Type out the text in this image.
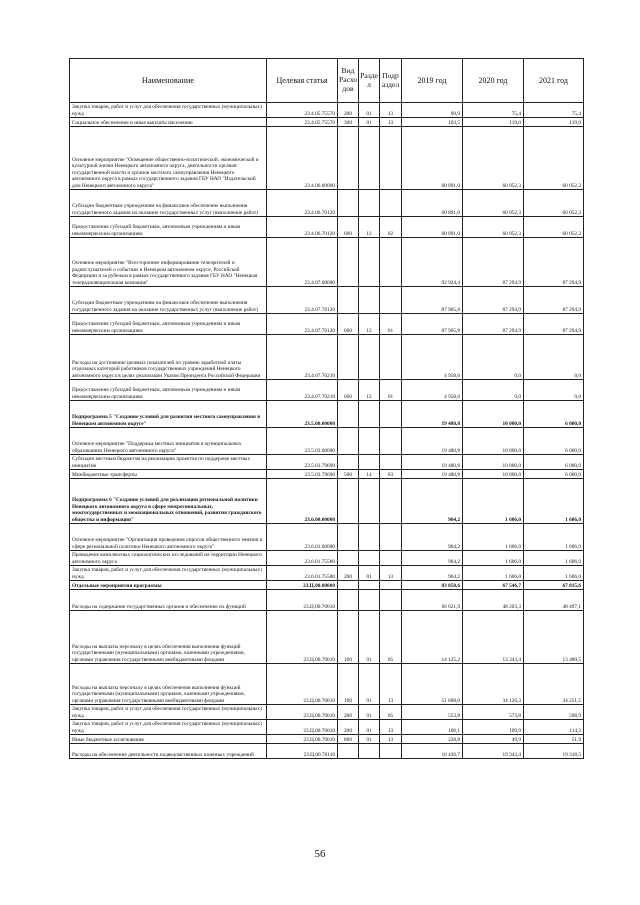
Наименование	Целевая статья	Вид Расхо дов	Разде л	Подр аздел	2019 год	2020 год	2021 год
Закупка товаров, работ и услуг для обеспечения государственных (муниципальных) нужд	23.4.05.75570	200	01	13	90,9	75,4	75,4
Социальное обеспечение и иные выплаты населению	23.4.05.75570	300	01	13	103,5	119,0	119,0
Основное мероприятие "Освещение общественно-политической, экономической и культурной жизни Ненецкого автономного округа, деятельности органов государственной власти и органов местного самоуправления Ненецкого автономного округа в рамках государственного задания ГБУ НАО "Издательский дом Ненецкого автономного округа"	23.4.06.00000				60 891,0	60 052,3	60 052,3
Субсидии бюджетным учреждениям на финансовое обеспечение выполнения государственного задания на оказание государственных услуг (выполнение работ)	23.4.06.70120				60 891,0	60 052,3	60 052,3
Предоставление субсидий бюджетным, автономным учреждениям и иным некоммерческим организациям	23.4.06.70120	600	12	02	60 891,0	60 052,3	60 052,3
Основное мероприятие "Всестороннее информирование телезрителей и радиослушателей о событиях в Ненецком автономном округе, Российской Федерации и за рубежом в рамках государственного задания ГБУ НАО "Ненецкая телерадиовещательная компания"	23.4.07.00000				92 924,4	87 294,9	87 294,9
Субсидии бюджетным учреждениям на финансовое обеспечение выполнения государственного задания на оказание государственных услуг (выполнение работ)	23.4.07.70120				87 965,8	87 294,9	87 294,9
Предоставление субсидий бюджетным, автономным учреждениям и иным некоммерческим организациям	23.4.07.70120	600	12	01	87 965,8	87 294,9	87 294,9
Расходы на достижение целевых показателей по уровню заработной платы отдельных категорий работников государственных учреждений Ненецкого автономного округа в целях реализации Указов Президента Российской Федерации	23.4.07.70210				4 958,6	0,0	0,0
Предоставление субсидий бюджетным, автономным учреждениям и иным некоммерческим организациям	23.4.07.70210	600	12	01	4 958,6	0,0	0,0
Подпрограмма 5 "Создание условий для развития местного самоуправления в Ненецком автономном округе"	23.5.00.00000				19 480,8	10 000,0	6 000,0
Основное мероприятие "Поддержка местных инициатив в муниципальных образованиях Ненецкого автономного округа"	23.5.03.00000				19 480,8	10 000,0	6 000,0
Субсидии местным бюджетам на реализацию проектов по поддержке местных инициатив	23.5.03.79690				19 480,8	10 000,0	6 000,0
Межбюджетные трансферты	23.5.03.79690	500	14	03	19 480,8	10 000,0	6 000,0
Подпрограмма 6 "Создание условий для реализации региональной политики Ненецкого автономного округа в сфере межрегиональных, межгосударственных и межнациональных отношений, развития гражданского общества и информации"	23.6.00.00000				964,2	1 606,0	1 606,0
Основное мероприятие "Организация проведения опросов общественного мнения в сфере региональной политики Ненецкого автономного округа"	23.6.01.00000				964,2	1 606,0	1 606,0
Проведение комплексных социологических исследований на территории Ненецкого автономного округа	23.6.01.75580				964,2	1 606,0	1 606,0
Закупка товаров, работ и услуг для обеспечения государственных (муниципальных) нужд	23.6.01.75580	200	01	13	964,2	1 606,0	1 606,0
Отдельные мероприятия программы	23.Ц.00.00000				83 058,6	67 546,7	67 815,6
Расходы на содержание государственных органов и обеспечение их функций	23.Ц.00.70010				66 621,9	48 203,3	48 497,1
Расходы на выплаты персоналу в целях обеспечения выполнения функций государственными (муниципальными) органами, казенными учреждениями, органами управления государственными внебюджетными фондами	23.Ц.00.70010	100	01	05	14 125,2	13 343,4	13 480,5
Расходы на выплаты персоналу в целях обеспечения выполнения функций государственными (муниципальными) органами, казенными учреждениями, органами управления государственными внебюджетными фондами	23.Ц.00.70010	100	01	13	51 608,0	34 126,3	34 251,5
Закупка товаров, работ и услуг для обеспечения государственных (муниципальных) нужд	23.Ц.00.70010	200	01	05	553,8	573,8	598,9
Закупка товаров, работ и услуг для обеспечения государственных (муниципальных) нужд	23.Ц.00.70010	200	01	13	106,1	109,9	114,3
Иные бюджетные ассигнования	23.Ц.00.70010	800	01	13	228,8	49,9	51,9
Расходы на обеспечение деятельности подведомственных казенных учреждений	23.Ц.00.70110				16 436,7	19 343,4	19 318,5
56
